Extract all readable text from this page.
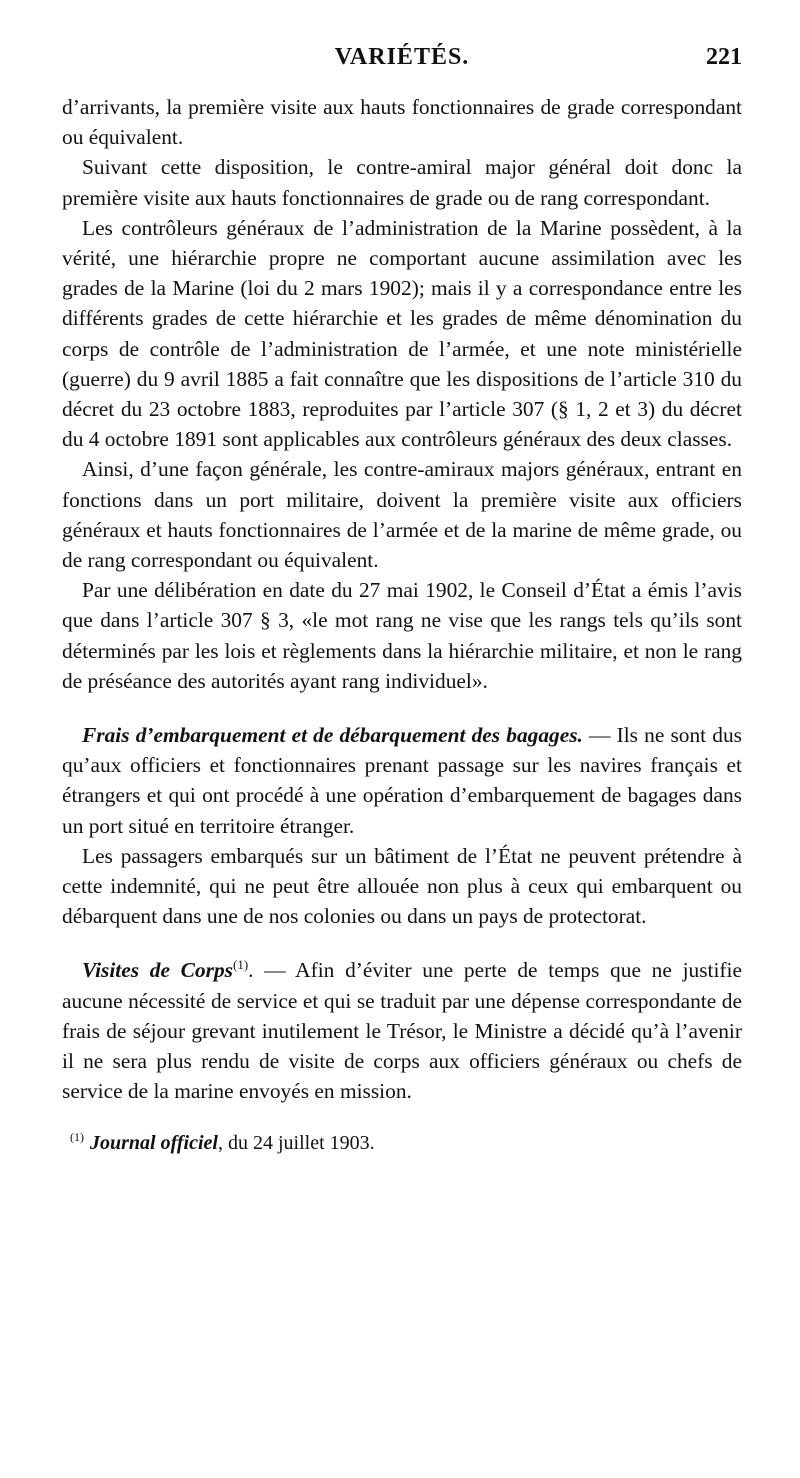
VARIÉTÉS.	221

d’arrivants, la première visite aux hauts fonctionnaires de grade correspondant ou équivalent.

Suivant cette disposition, le contre-amiral major général doit donc la première visite aux hauts fonctionnaires de grade ou de rang correspondant.

Les contrôleurs généraux de l’administration de la Marine possèdent, à la vérité, une hiérarchie propre ne comportant aucune assimilation avec les grades de la Marine (loi du 2 mars 1902); mais il y a correspondance entre les différents grades de cette hiérarchie et les grades de même dénomination du corps de contrôle de l’administration de l’armée, et une note ministérielle (guerre) du 9 avril 1885 a fait connaître que les dispositions de l’article 310 du décret du 23 octobre 1883, reproduites par l’article 307 (§ 1, 2 et 3) du décret du 4 octobre 1891 sont applicables aux contrôleurs généraux des deux classes.

Ainsi, d’une façon générale, les contre-amiraux majors généraux, entrant en fonctions dans un port militaire, doivent la première visite aux officiers généraux et hauts fonctionnaires de l’armée et de la marine de même grade, ou de rang correspondant ou équivalent.

Par une délibération en date du 27 mai 1902, le Conseil d’État a émis l’avis que dans l’article 307 § 3, «le mot rang ne vise que les rangs tels qu’ils sont déterminés par les lois et règlements dans la hiérarchie militaire, et non le rang de préséance des autorités ayant rang individuel».

Frais d’embarquement et de débarquement des bagages. — Ils ne sont dus qu’aux officiers et fonctionnaires prenant passage sur les navires français et étrangers et qui ont procédé à une opération d’embarquement de bagages dans un port situé en territoire étranger.

Les passagers embarqués sur un bâtiment de l’État ne peuvent prétendre à cette indemnité, qui ne peut être allouée non plus à ceux qui embarquent ou débarquent dans une de nos colonies ou dans un pays de protectorat.

Visites de Corps$^{(1)}$. — Afin d’éviter une perte de temps que ne justifie aucune nécessité de service et qui se traduit par une dépense correspondante de frais de séjour grevant inutilement le Trésor, le Ministre a décidé qu’à l’avenir il ne sera plus rendu de visite de corps aux officiers généraux ou chefs de service de la marine envoyés en mission.

$^{(1)}$ Journal officiel, du 24 juillet 1903.
